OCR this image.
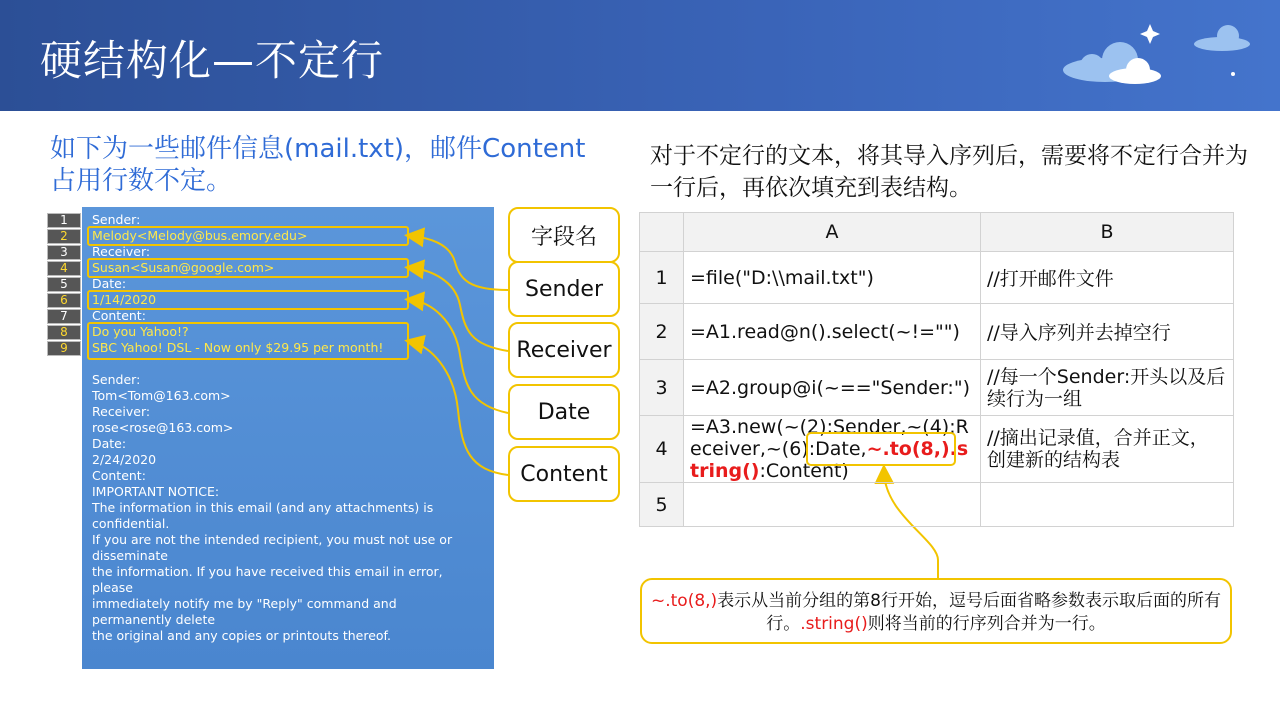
硬结构化—不定行
如下为一些邮件信息(mail.txt)，邮件Content占用行数不定。
对于不定行的文本，将其导入序列后，需要将不定行合并为一行后，再依次填充到表结构。
1
2
3
4
5
6
7
8
9
Sender:
Melody<Melody@bus.emory.edu>
Receiver:
Susan<Susan@google.com>
Date:
1/14/2020
Content:
Do you Yahoo!?
SBC Yahoo! DSL - Now only $29.95 per month!
Sender:
Tom<Tom@163.com>
Receiver:
rose<rose@163.com>
Date:
2/24/2020
Content:
IMPORTANT NOTICE:
The information in this email (and any attachments) is
confidential.
If you are not the intended recipient, you must not use or
disseminate
the information. If you have received this email in error,
please
immediately notify me by "Reply" command and
permanently delete
the original and any copies or printouts thereof.
字段名
Sender
Receiver
Date
Content
	A	B
1	=file("D:\\mail.txt")	//打开邮件文件
2	=A1.read@n().select(~!="")	//导入序列并去掉空行
3	=A2.group@i(~=="Sender:")	//每一个Sender:开头以及后续行为一组
4	=A3.new(~(2):Sender,~(4):Receiver,~(6):Date,~.to(8,).string():Content)	//摘出记录值，合并正文，创建新的结构表
5		
~.to(8,)表示从当前分组的第8行开始，逗号后面省略参数表示取后面的所有行。.string()则将当前的行序列合并为一行。
